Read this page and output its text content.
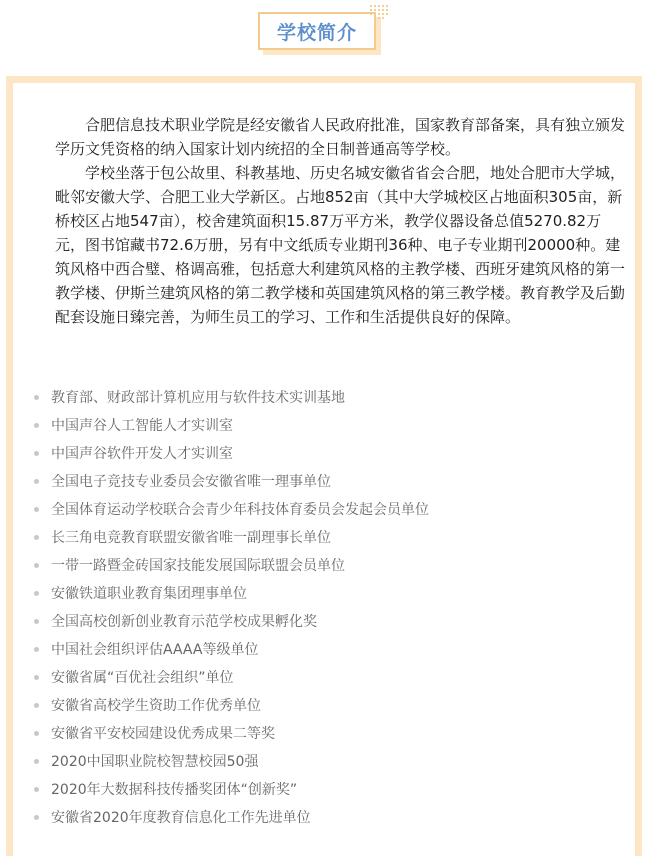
学校简介

合肥信息技术职业学院是经安徽省人民政府批准，国家教育部备案，具有独立颁发学历文凭资格的纳入国家计划内统招的全日制普通高等学校。

学校坐落于包公故里、科教基地、历史名城安徽省省会合肥，地处合肥市大学城，毗邻安徽大学、合肥工业大学新区。占地852亩（其中大学城校区占地面积305亩，新桥校区占地547亩），校舍建筑面积15.87万平方米，教学仪器设备总值5270.82万元，图书馆藏书72.6万册，另有中文纸质专业期刊36种、电子专业期刊20000种。建筑风格中西合璧、格调高雅，包括意大利建筑风格的主教学楼、西班牙建筑风格的第一教学楼、伊斯兰建筑风格的第二教学楼和英国建筑风格的第三教学楼。教育教学及后勤配套设施日臻完善，为师生员工的学习、工作和生活提供良好的保障。

教育部、财政部计算机应用与软件技术实训基地
中国声谷人工智能人才实训室
中国声谷软件开发人才实训室
全国电子竞技专业委员会安徽省唯一理事单位
全国体育运动学校联合会青少年科技体育委员会发起会员单位
长三角电竞教育联盟安徽省唯一副理事长单位
一带一路暨金砖国家技能发展国际联盟会员单位
安徽铁道职业教育集团理事单位
全国高校创新创业教育示范学校成果孵化奖
中国社会组织评估AAAA等级单位
安徽省属“百优社会组织”单位
安徽省高校学生资助工作优秀单位
安徽省平安校园建设优秀成果二等奖
2020中国职业院校智慧校园50强
2020年大数据科技传播奖团体“创新奖”
安徽省2020年度教育信息化工作先进单位
